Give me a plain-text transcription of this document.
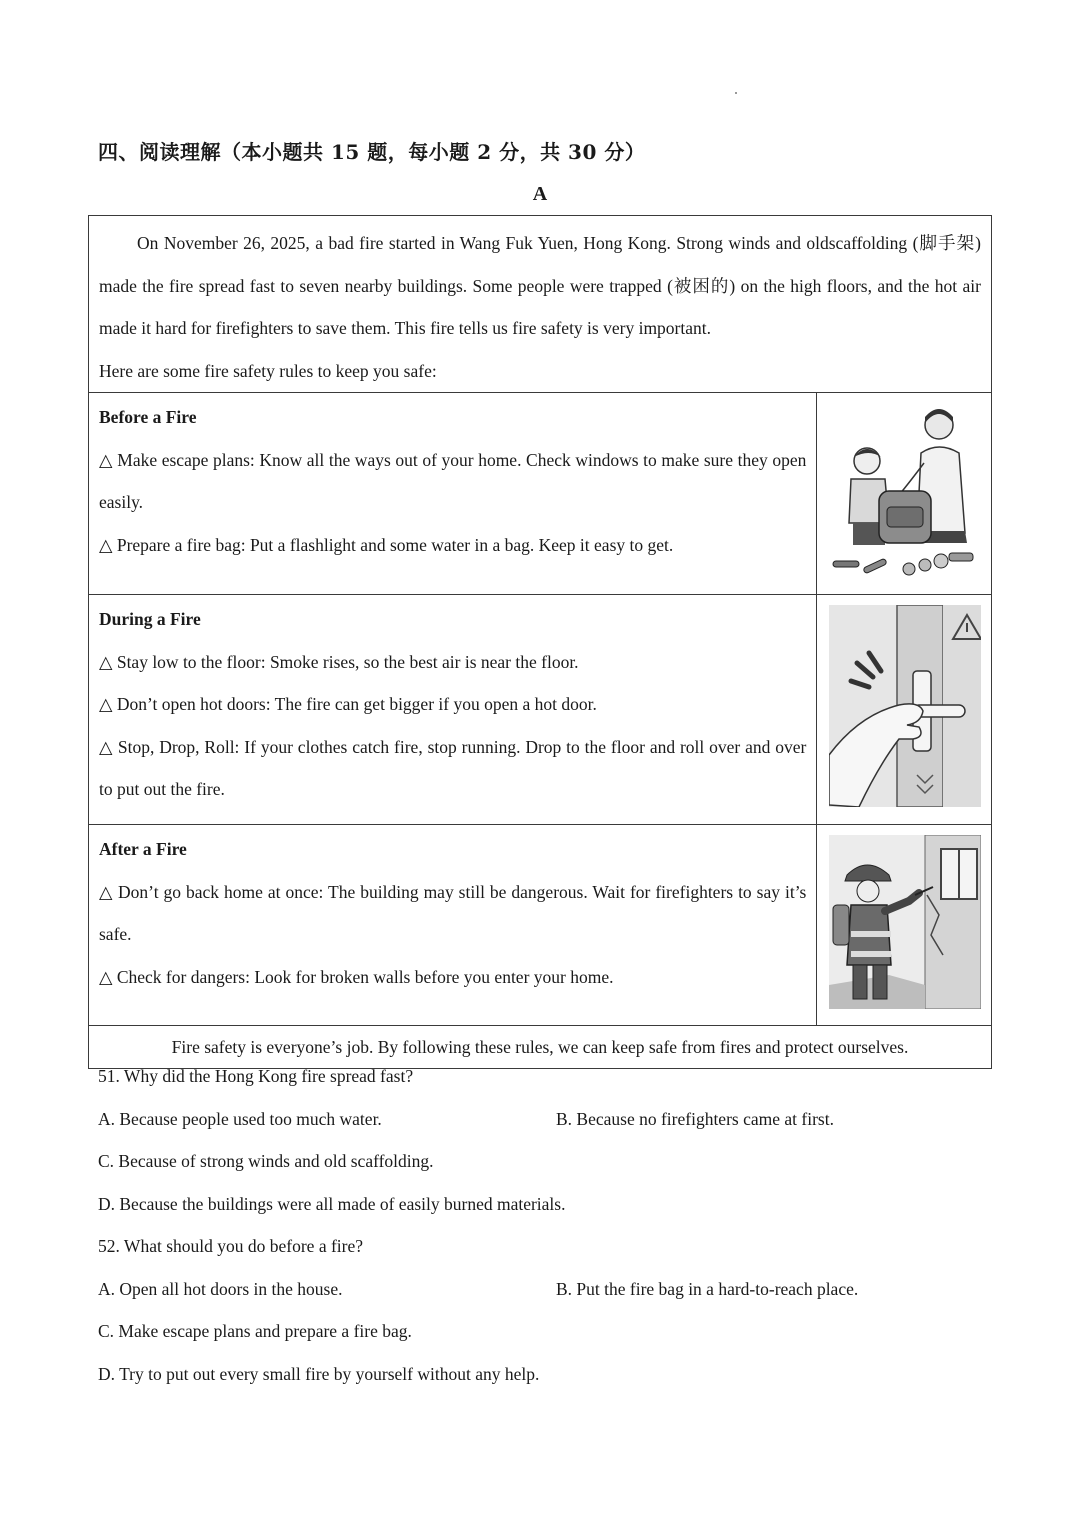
四、阅读理解（本小题共 15 题，每小题 2 分，共 30 分）
A

On November 26, 2025, a bad fire started in Wang Fuk Yuen, Hong Kong. Strong winds and oldscaffolding (脚手架) made the fire spread fast to seven nearby buildings. Some people were trapped (被困的) on the high floors, and the hot air made it hard for firefighters to save them. This fire tells us fire safety is very important.

Here are some fire safety rules to keep you safe:	

Before a Fire

△ Make escape plans: Know all the ways out of your home. Check windows to make sure they open easily.

△ Prepare a fire bag: Put a flashlight and some water in a bag. Keep it easy to get.

During a Fire

△ Stay low to the floor: Smoke rises, so the best air is near the floor.

△ Don’t open hot doors: The fire can get bigger if you open a hot door.

△ Stop, Drop, Roll: If your clothes catch fire, stop running. Drop to the floor and roll over and over to put out the fire.

After a Fire

△ Don’t go back home at once: The building may still be dangerous. Wait for firefighters to say it’s safe.

△ Check for dangers: Look for broken walls before you enter your home.

Fire safety is everyone’s job. By following these rules, we can keep safe from fires and protect ourselves.	
51. Why did the Hong Kong fire spread fast?
A. Because people used too much water.	B. Because no firefighters came at first.
C. Because of strong winds and old scaffolding.
D. Because the buildings were all made of easily burned materials.
52. What should you do before a fire?
A. Open all hot doors in the house.	B. Put the fire bag in a hard-to-reach place.
C. Make escape plans and prepare a fire bag.
D. Try to put out every small fire by yourself without any help.
